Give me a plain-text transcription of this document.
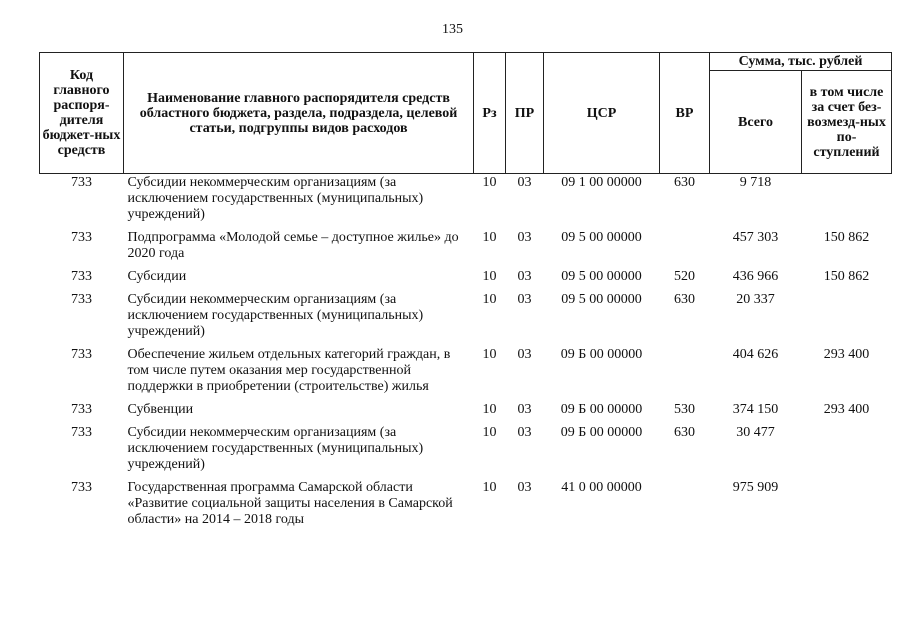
135
Код главного распоря-дителя бюджет-ных средств	Наименование главного распорядителя средств областного бюджета, раздела, подраздела, целевой статьи, подгруппы видов расходов	Рз	ПР	ЦСР	ВР	Сумма, тыс. рублей	
						Всего	в том числе за счет без-возмезд-ных по-ступлений
733	Субсидии некоммерческим организациям (за исключением государственных (муниципальных) учреждений)	10	03	09 1 00 00000	630	9 718	
733	Подпрограмма «Молодой семье – доступное жилье» до 2020 года	10	03	09 5 00 00000		457 303	150 862
733	Субсидии	10	03	09 5 00 00000	520	436 966	150 862
733	Субсидии некоммерческим организациям (за исключением государственных (муниципальных) учреждений)	10	03	09 5 00 00000	630	20 337	
733	Обеспечение жильем отдельных категорий граждан, в том числе путем оказания мер государственной поддержки в приобретении (строительстве) жилья	10	03	09 Б 00 00000		404 626	293 400
733	Субвенции	10	03	09 Б 00 00000	530	374 150	293 400
733	Субсидии некоммерческим организациям (за исключением государственных (муниципальных) учреждений)	10	03	09 Б 00 00000	630	30 477	
733	Государственная программа Самарской области «Развитие социальной защиты населения в Самарской области» на 2014 – 2018 годы	10	03	41 0 00 00000		975 909	
